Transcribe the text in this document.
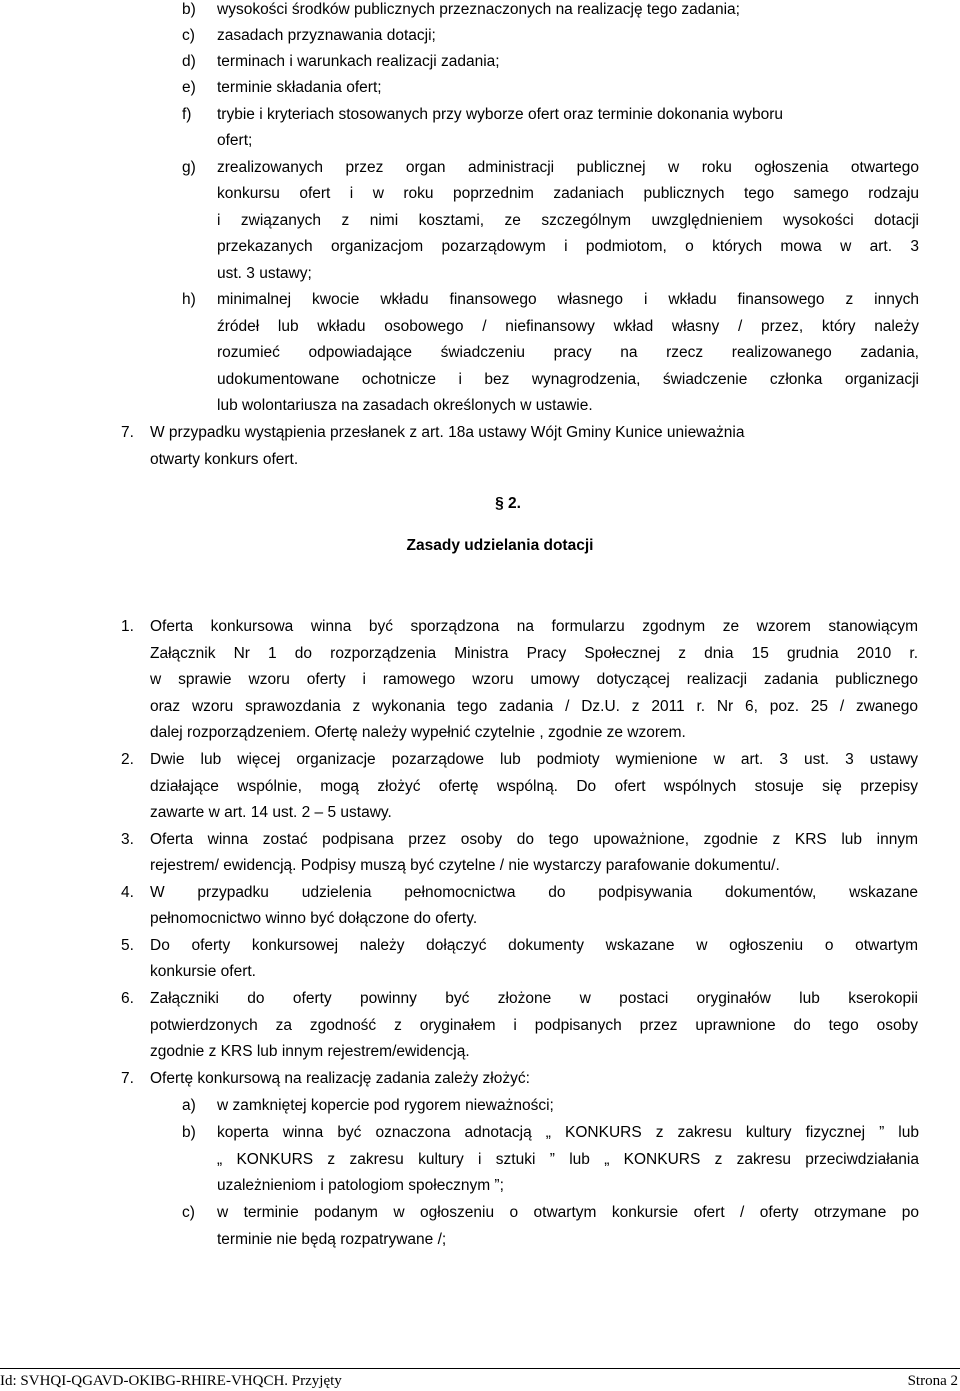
b) wysokości środków publicznych przeznaczonych na realizację tego zadania;
c) zasadach przyznawania dotacji;
d) terminach i warunkach realizacji zadania;
e) terminie składania ofert;
f) trybie i kryteriach stosowanych przy wyborze ofert oraz terminie dokonania wyboru
ofert;
g) zrealizowanych przez organ administracji publicznej w roku ogłoszenia otwartego
konkursu ofert i w roku poprzednim zadaniach publicznych tego samego rodzaju
i związanych z nimi kosztami, ze szczególnym uwzględnieniem wysokości dotacji
przekazanych organizacjom pozarządowym i podmiotom, o których mowa w art. 3
ust. 3 ustawy;
h) minimalnej kwocie wkładu finansowego własnego i wkładu finansowego z innych
źródeł lub wkładu osobowego / niefinansowy wkład własny / przez, który należy
rozumieć odpowiadające świadczeniu pracy na rzecz realizowanego zadania,
udokumentowane ochotnicze i bez wynagrodzenia, świadczenie członka organizacji
lub wolontariusza na zasadach określonych w ustawie.
7. W przypadku wystąpienia przesłanek z art. 18a ustawy Wójt Gminy Kunice unieważnia
otwarty konkurs ofert.
§ 2.
Zasady udzielania dotacji
1. Oferta konkursowa winna być sporządzona na formularzu zgodnym ze wzorem stanowiącym
Załącznik Nr 1 do rozporządzenia Ministra Pracy Społecznej z dnia 15 grudnia 2010 r.
w sprawie wzoru oferty i ramowego wzoru umowy dotyczącej realizacji zadania publicznego
oraz wzoru sprawozdania z wykonania tego zadania / Dz.U. z 2011 r. Nr 6, poz. 25 / zwanego
dalej rozporządzeniem. Ofertę należy wypełnić czytelnie , zgodnie ze wzorem.
2. Dwie lub więcej organizacje pozarządowe lub podmioty wymienione w art. 3 ust. 3 ustawy
działające wspólnie, mogą złożyć ofertę wspólną. Do ofert wspólnych stosuje się przepisy
zawarte w art. 14 ust. 2 – 5 ustawy.
3. Oferta winna zostać podpisana przez osoby do tego upoważnione, zgodnie z KRS lub innym
rejestrem/ ewidencją. Podpisy muszą być czytelne / nie wystarczy parafowanie dokumentu/.
4. W przypadku udzielenia pełnomocnictwa do podpisywania dokumentów, wskazane
pełnomocnictwo winno być dołączone do oferty.
5. Do oferty konkursowej należy dołączyć dokumenty wskazane w ogłoszeniu o otwartym
konkursie ofert.
6. Załączniki do oferty powinny być złożone w postaci oryginałów lub kserokopii
potwierdzonych za zgodność z oryginałem i podpisanych przez uprawnione do tego osoby
zgodnie z KRS lub innym rejestrem/ewidencją.
7. Ofertę konkursową na realizację zadania zależy złożyć:
a) w zamkniętej kopercie pod rygorem nieważności;
b) koperta winna być oznaczona adnotacją „ KONKURS z zakresu kultury fizycznej ” lub
„ KONKURS z zakresu kultury i sztuki ” lub „ KONKURS z zakresu przeciwdziałania
uzależnieniom i patologiom społecznym ”;
c) w terminie podanym w ogłoszeniu o otwartym konkursie ofert / oferty otrzymane po
terminie nie będą rozpatrywane /;
Id: SVHQI-QGAVD-OKIBG-RHIRE-VHQCH. Przyjęty	Strona 2
